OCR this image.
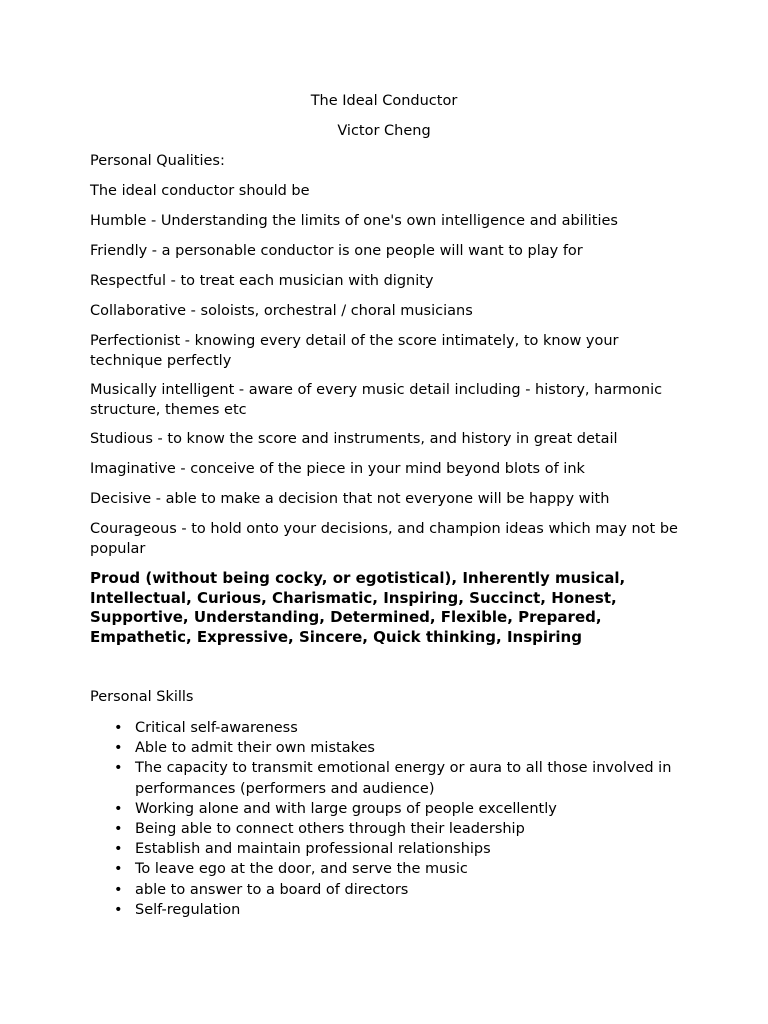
The Ideal Conductor
Victor Cheng
Personal Qualities:
The ideal conductor should be
Humble - Understanding the limits of one's own intelligence and abilities
Friendly - a personable conductor is one people will want to play for
Respectful - to treat each musician with dignity
Collaborative - soloists, orchestral / choral musicians
Perfectionist - knowing every detail of the score intimately, to know your technique perfectly
Musically intelligent - aware of every music detail including - history, harmonic structure, themes etc
Studious - to know the score and instruments, and history in great detail
Imaginative - conceive of the piece in your mind beyond blots of ink
Decisive - able to make a decision that not everyone will be happy with
Courageous - to hold onto your decisions, and champion ideas which may not be popular
Proud (without being cocky, or egotistical), Inherently musical, Intellectual, Curious, Charismatic, Inspiring, Succinct, Honest, Supportive, Understanding, Determined, Flexible, Prepared, Empathetic, Expressive, Sincere, Quick thinking, Inspiring
Personal Skills
• Critical self-awareness
• Able to admit their own mistakes
• The capacity to transmit emotional energy or aura to all those involved in performances (performers and audience)
• Working alone and with large groups of people excellently
• Being able to connect others through their leadership
• Establish and maintain professional relationships
• To leave ego at the door, and serve the music
• able to answer to a board of directors
• Self-regulation
